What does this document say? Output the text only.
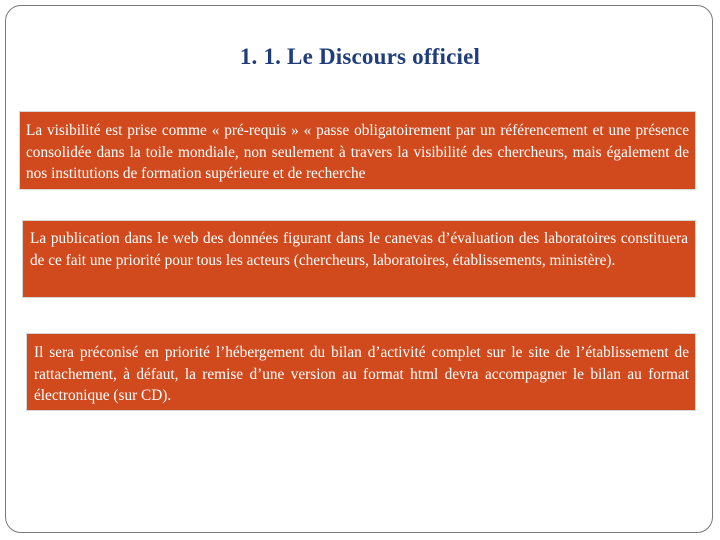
1. 1. Le Discours officiel
La visibilité est prise comme « pré-requis » « passe obligatoirement par un référencement et une présence consolidée dans la toile mondiale, non seulement à travers la visibilité des chercheurs, mais également de nos institutions de formation supérieure et de recherche
La publication dans le web des données figurant dans le canevas d’évaluation des laboratoires constituera de ce fait une priorité pour tous les acteurs (chercheurs, laboratoires, établissements, ministère).
Il sera préconisé en priorité l’hébergement du bilan d’activité complet sur le site de l’établissement de rattachement, à défaut, la remise d’une version au format html devra accompagner le bilan au format électronique (sur CD).
